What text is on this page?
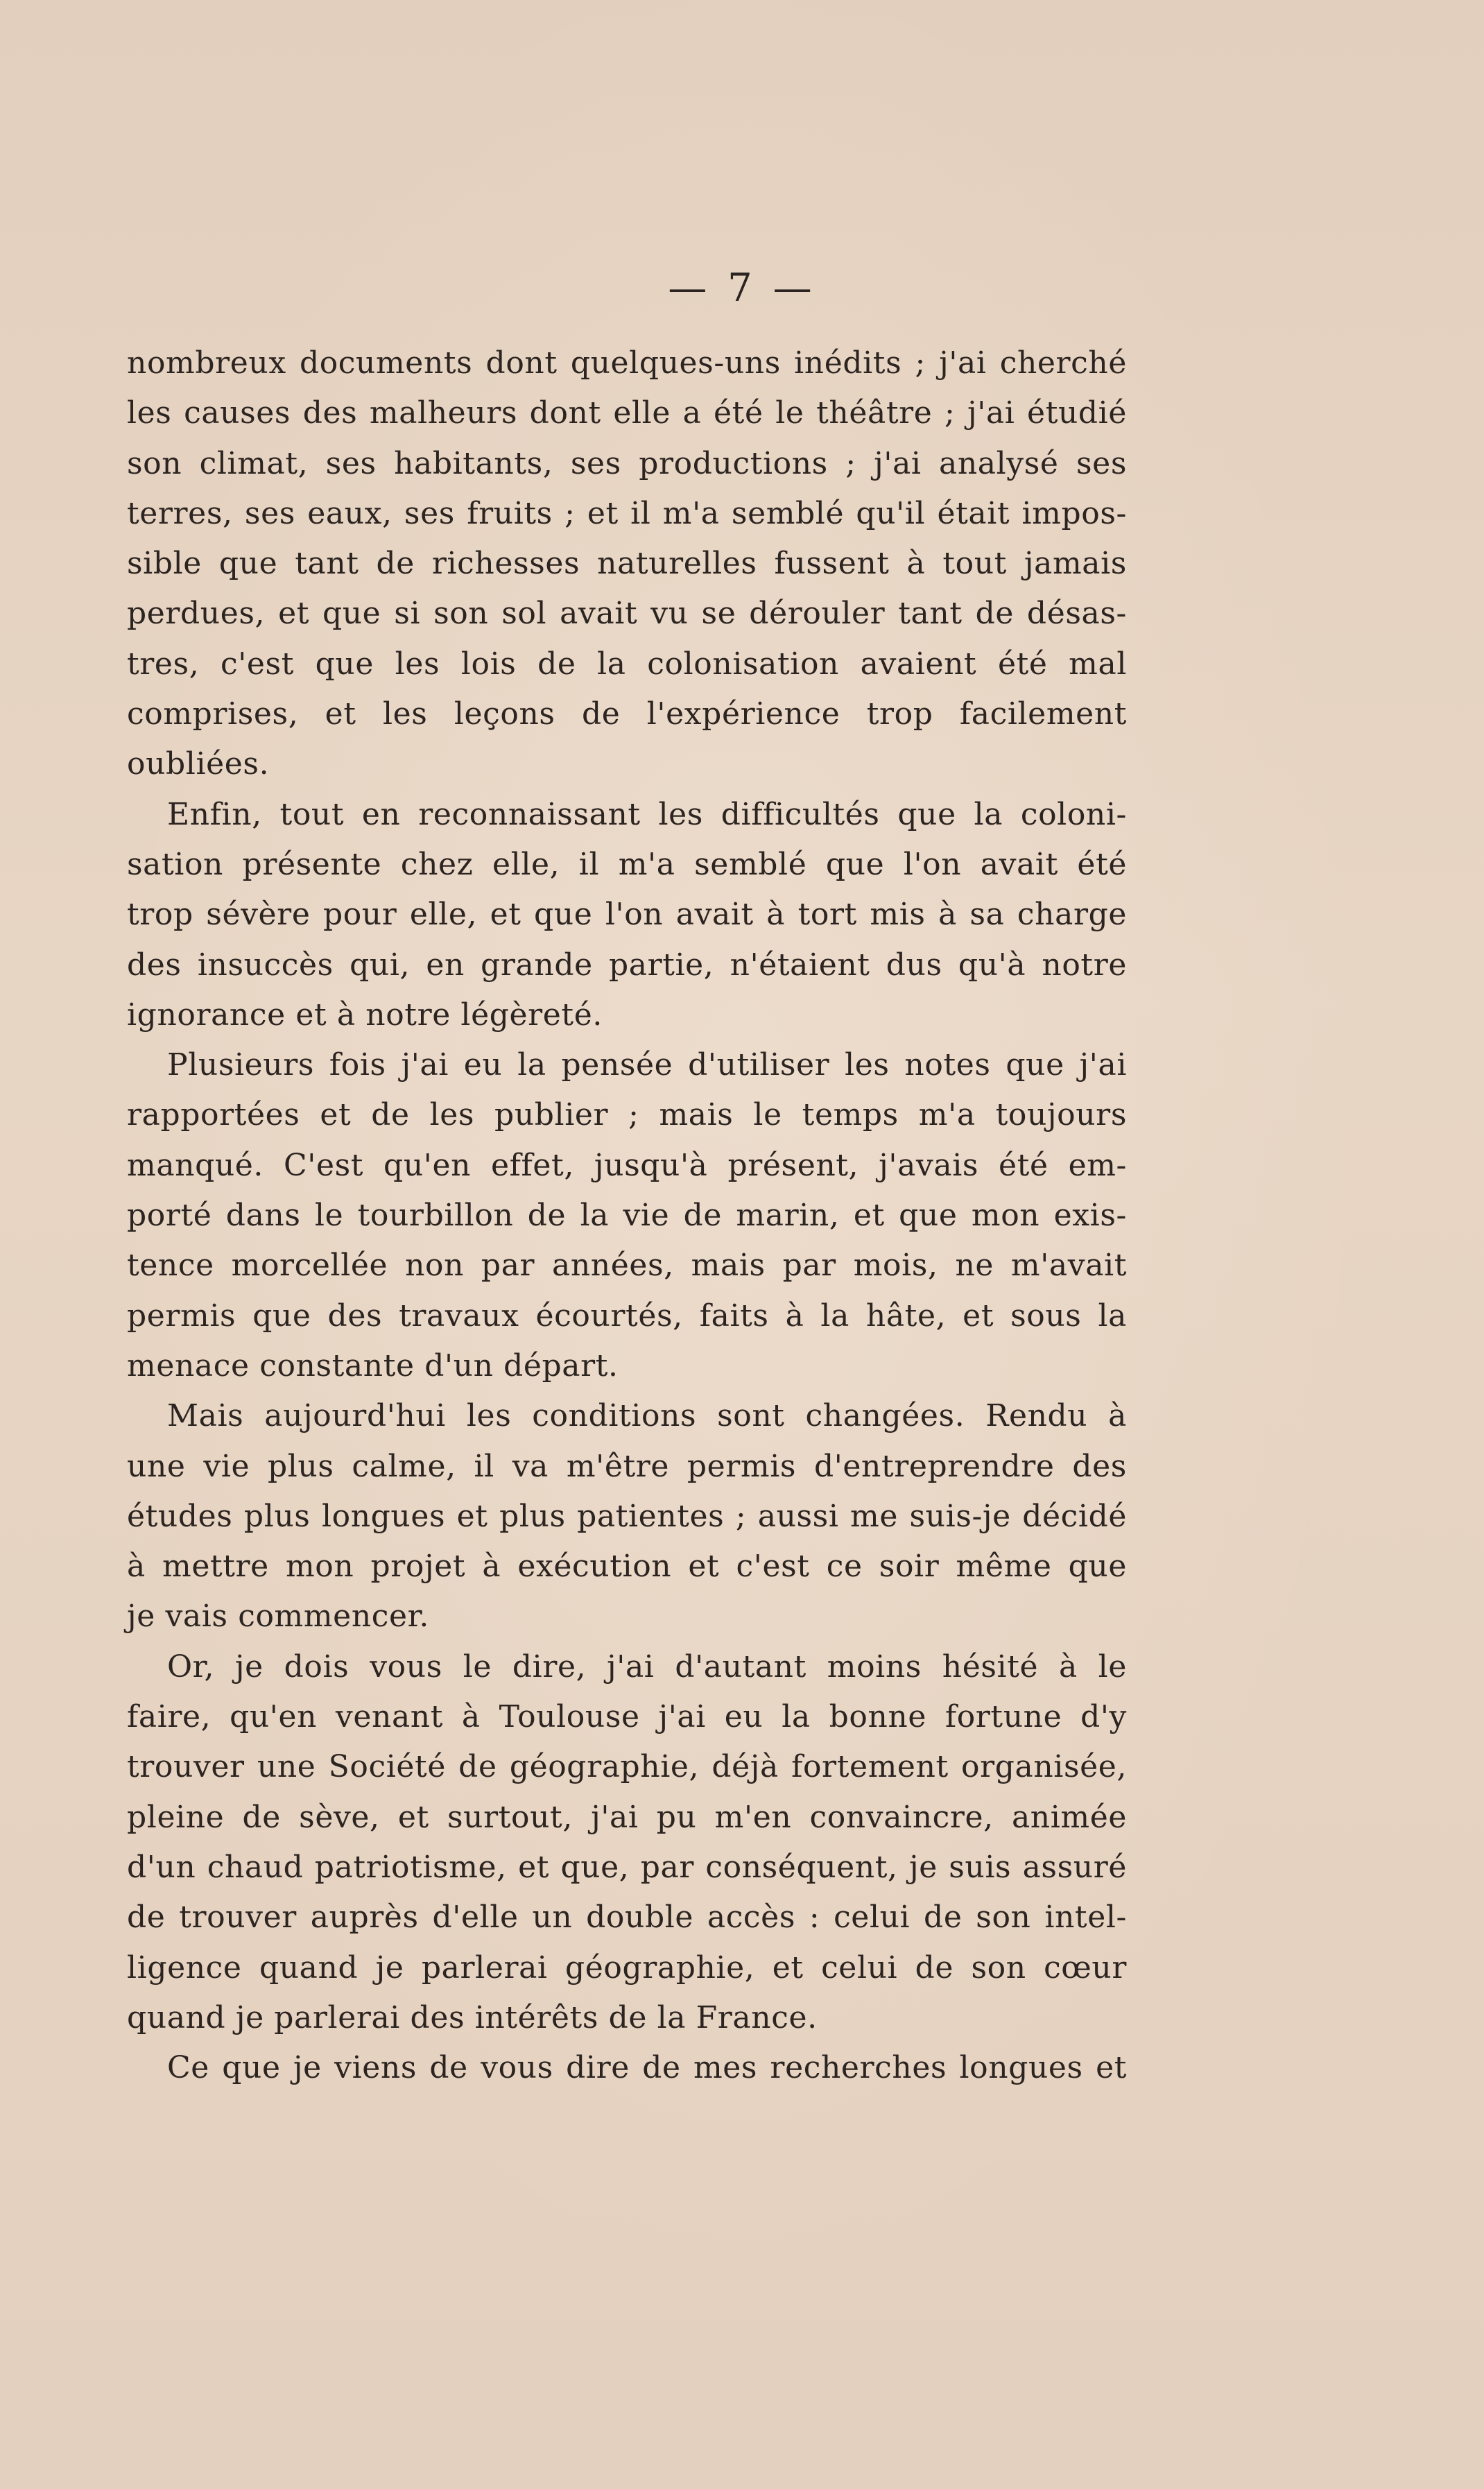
— 7 —
nombreux documents dont quelques-uns inédits ; j'ai cherché
les causes des malheurs dont elle a été le théâtre ; j'ai étudié
son climat, ses habitants, ses productions ; j'ai analysé ses
terres, ses eaux, ses fruits ; et il m'a semblé qu'il était impos-
sible que tant de richesses naturelles fussent à tout jamais
perdues, et que si son sol avait vu se dérouler tant de désas-
tres, c'est que les lois de la colonisation avaient été mal
comprises, et les leçons de l'expérience trop facilement
oubliées.
Enfin, tout en reconnaissant les difficultés que la coloni-
sation présente chez elle, il m'a semblé que l'on avait été
trop sévère pour elle, et que l'on avait à tort mis à sa charge
des insuccès qui, en grande partie, n'étaient dus qu'à notre
ignorance et à notre légèreté.
Plusieurs fois j'ai eu la pensée d'utiliser les notes que j'ai
rapportées et de les publier ; mais le temps m'a toujours
manqué. C'est qu'en effet, jusqu'à présent, j'avais été em-
porté dans le tourbillon de la vie de marin, et que mon exis-
tence morcellée non par années, mais par mois, ne m'avait
permis que des travaux écourtés, faits à la hâte, et sous la
menace constante d'un départ.
Mais aujourd'hui les conditions sont changées. Rendu à
une vie plus calme, il va m'être permis d'entreprendre des
études plus longues et plus patientes ; aussi me suis-je décidé
à mettre mon projet à exécution et c'est ce soir même que
je vais commencer.
Or, je dois vous le dire, j'ai d'autant moins hésité à le
faire, qu'en venant à Toulouse j'ai eu la bonne fortune d'y
trouver une Société de géographie, déjà fortement organisée,
pleine de sève, et surtout, j'ai pu m'en convaincre, animée
d'un chaud patriotisme, et que, par conséquent, je suis assuré
de trouver auprès d'elle un double accès : celui de son intel-
ligence quand je parlerai géographie, et celui de son cœur
quand je parlerai des intérêts de la France.
Ce que je viens de vous dire de mes recherches longues et
